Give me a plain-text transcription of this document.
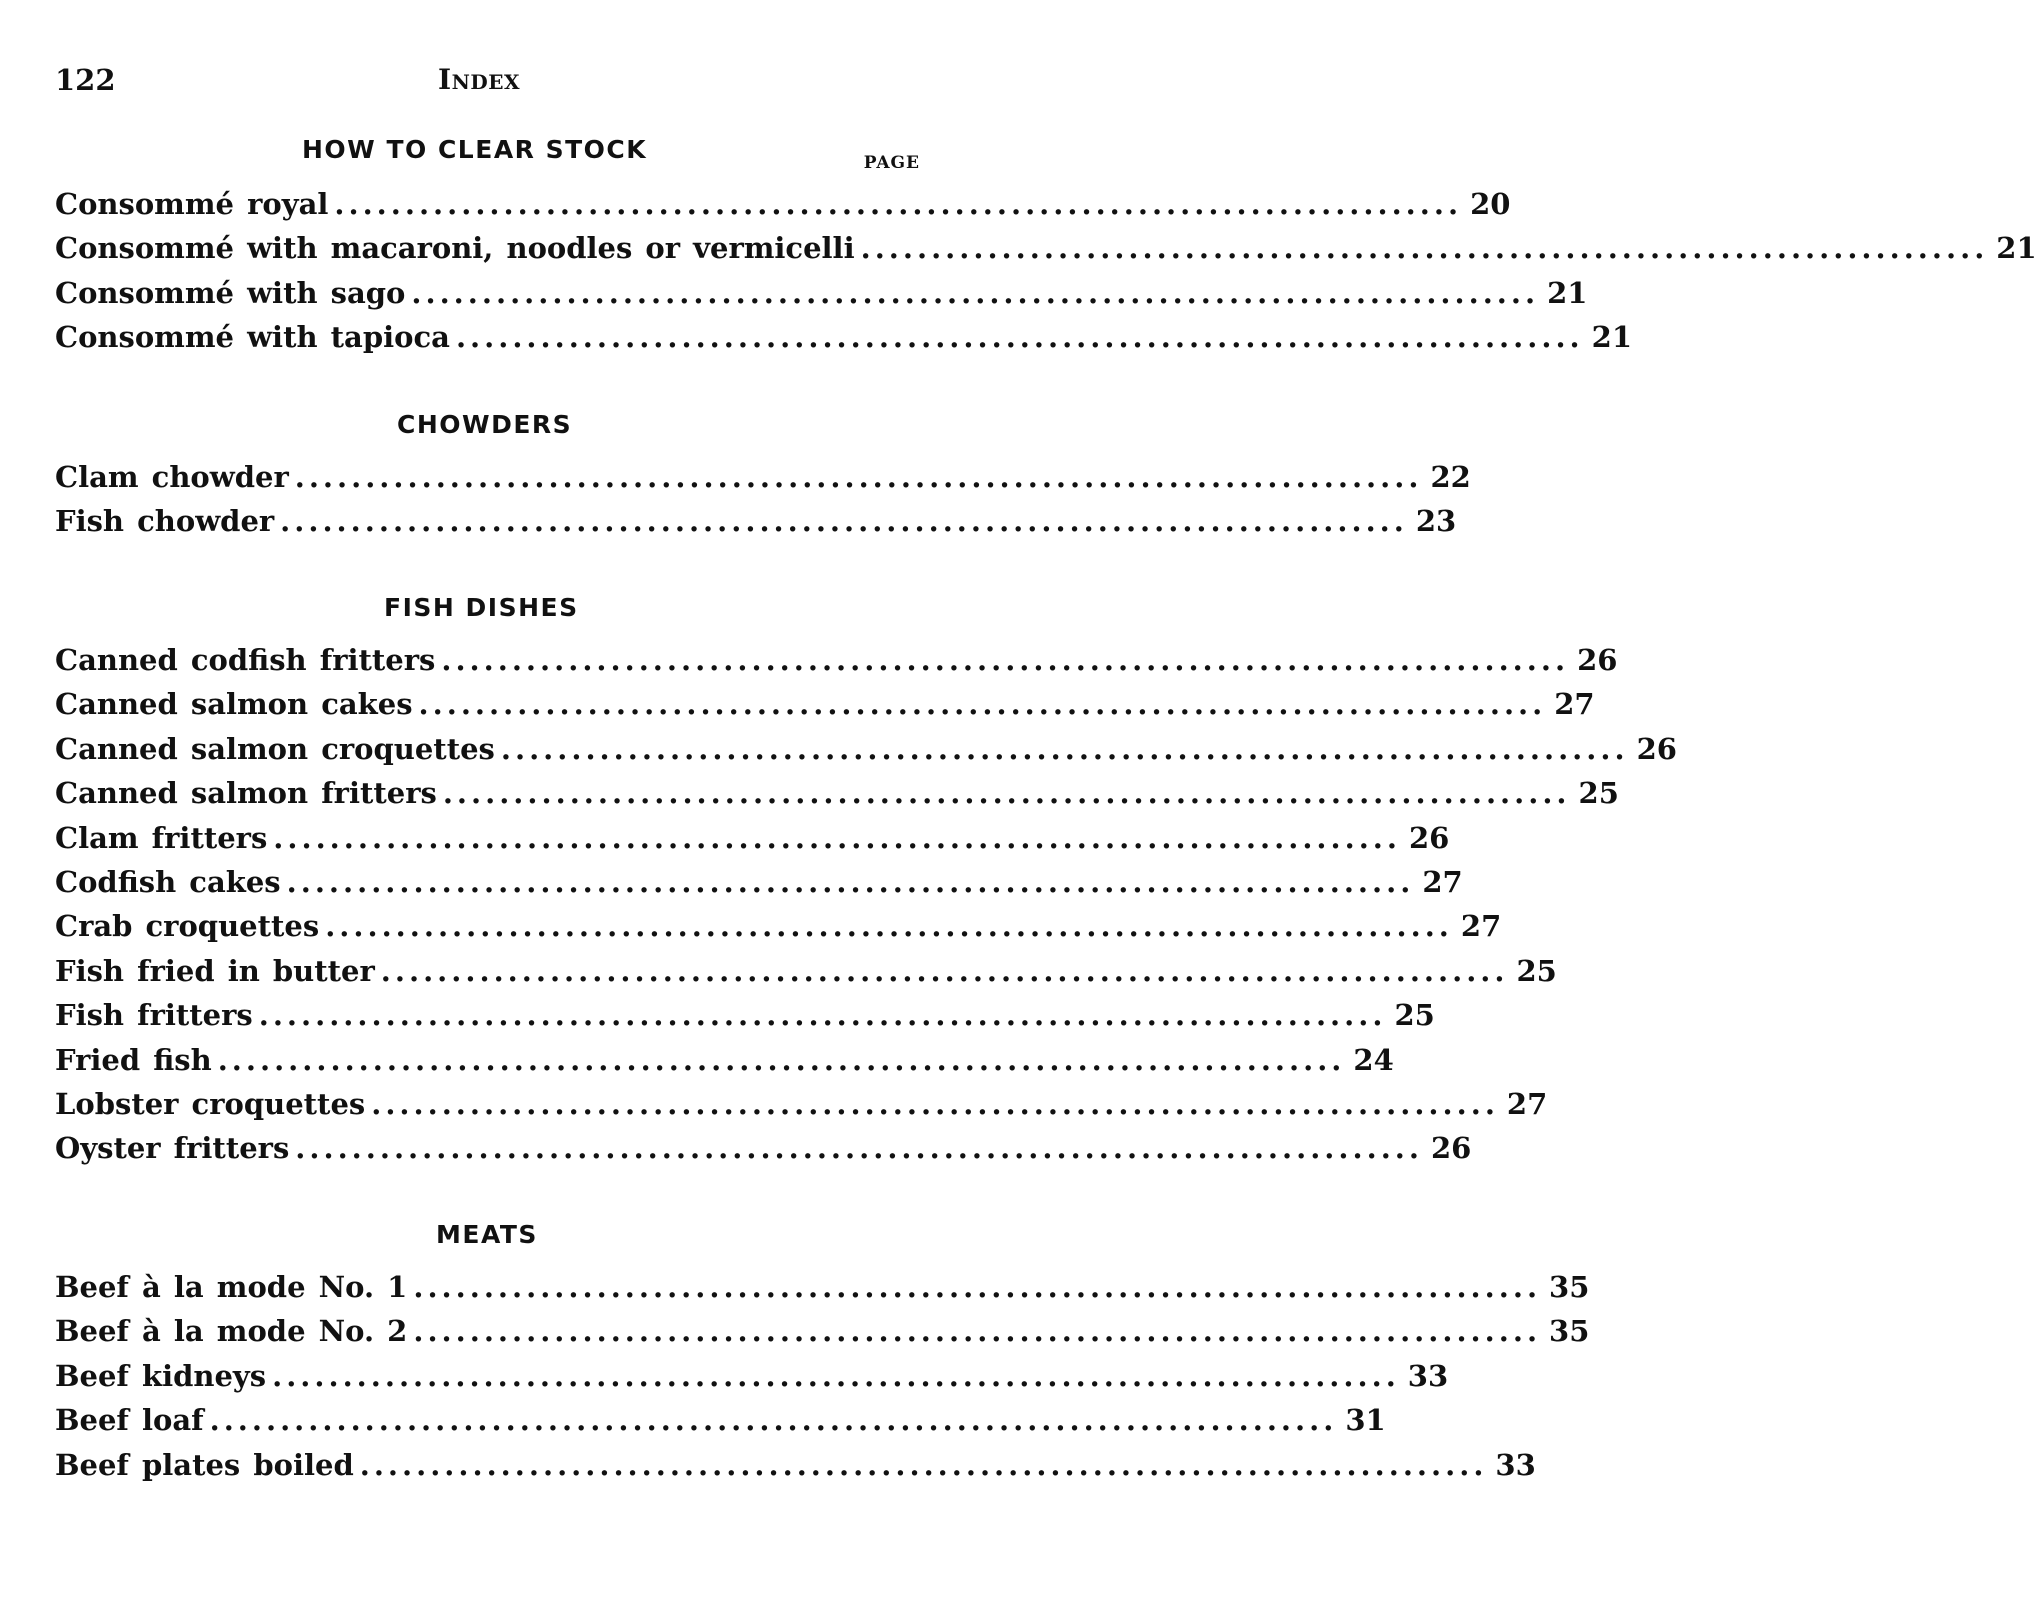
122	Index
HOW TO CLEAR STOCK	PAGE
Consommé royal ................................................................................ 20
Consommé with macaroni, noodles or vermicelli ................................................................................ 21
Consommé with sago ................................................................................ 21
Consommé with tapioca ................................................................................ 21
CHOWDERS
Clam chowder ................................................................................ 22
Fish chowder ................................................................................ 23
FISH DISHES
Canned codfish fritters ................................................................................ 26
Canned salmon cakes ................................................................................ 27
Canned salmon croquettes ................................................................................ 26
Canned salmon fritters ................................................................................ 25
Clam fritters ................................................................................ 26
Codfish cakes ................................................................................ 27
Crab croquettes ................................................................................ 27
Fish fried in butter ................................................................................ 25
Fish fritters ................................................................................ 25
Fried fish ................................................................................ 24
Lobster croquettes ................................................................................ 27
Oyster fritters ................................................................................ 26
MEATS
Beef à la mode No. 1 ................................................................................ 35
Beef à la mode No. 2 ................................................................................ 35
Beef kidneys ................................................................................ 33
Beef loaf ................................................................................ 31
Beef plates boiled ................................................................................ 33
